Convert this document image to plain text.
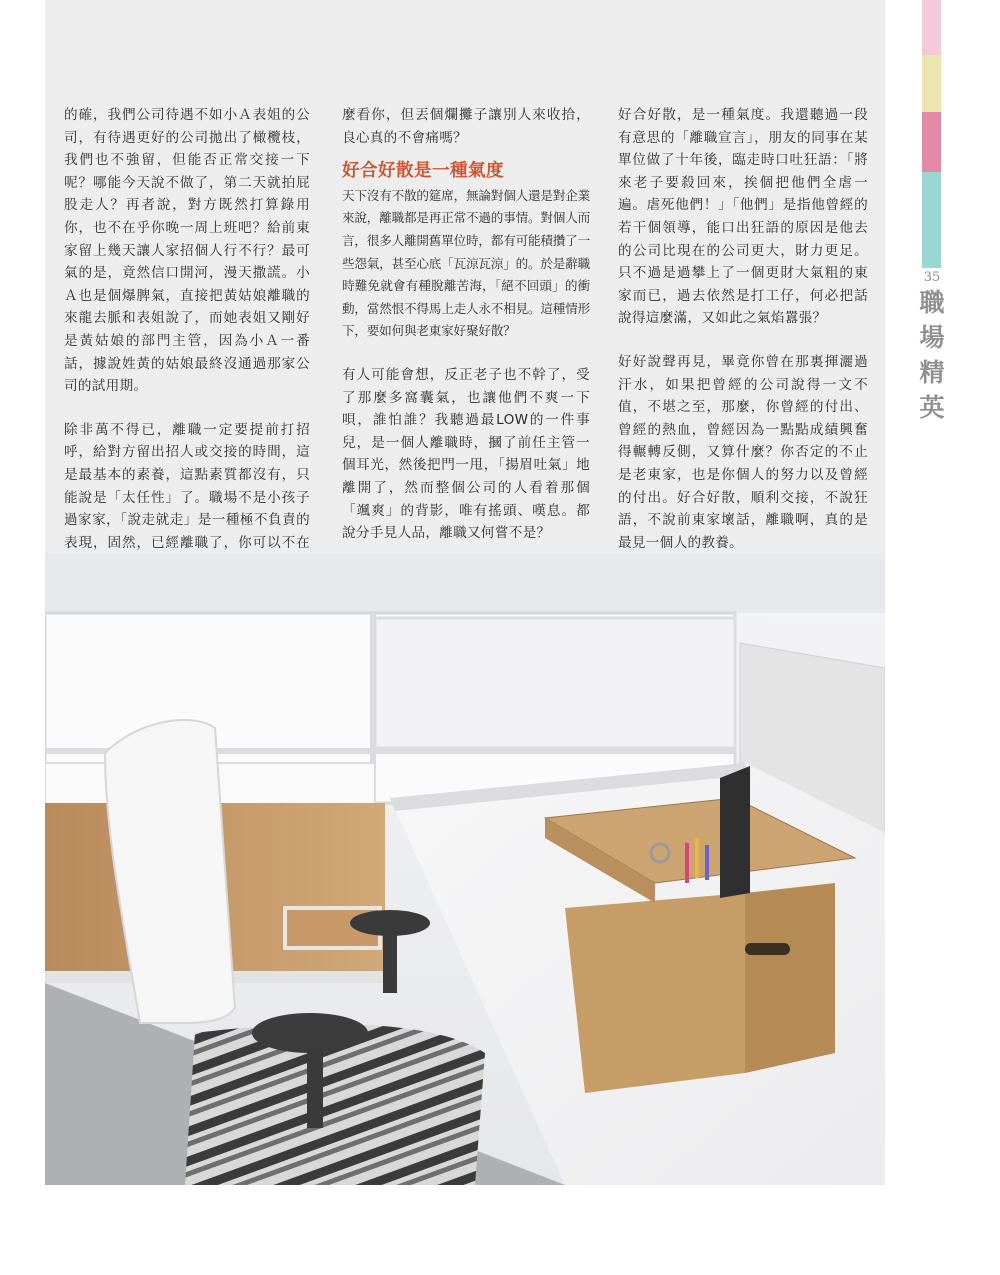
35
職
場
精
英

的確，我們公司待遇不如小Ａ表姐的公司，有待遇更好的公司拋出了橄欖枝，我們也不強留，但能否正常交接一下呢？哪能今天說不做了，第二天就拍屁股走人？再者說，對方既然打算錄用你，也不在乎你晚一周上班吧？給前東家留上幾天讓人家招個人行不行？最可氣的是，竟然信口開河，漫天撒謊。小Ａ也是個爆脾氣，直接把黃姑娘離職的來龍去脈和表姐說了，而她表姐又剛好是黃姑娘的部門主管，因為小Ａ一番話，據說姓黃的姑娘最終沒通過那家公司的試用期。

除非萬不得已，離職一定要提前打招呼，給對方留出招人或交接的時間，這是最基本的素養，這點素質都沒有，只能說是「太任性」了。職場不是小孩子過家家，「說走就走」是一種極不負責的表現，固然，已經離職了，你可以不在

麼看你，但丟個爛攤子讓別人來收拾，良心真的不會痛嗎？

好合好散是一種氣度

天下沒有不散的筵席，無論對個人還是對企業來說，離職都是再正常不過的事情。對個人而言，很多人離開舊單位時，都有可能積攢了一些怨氣，甚至心底「瓦涼瓦涼」的。於是辭職時難免就會有種脫離苦海，「絕不回頭」的衝動，當然恨不得馬上走人永不相見。這種情形下，要如何與老東家好聚好散？

有人可能會想，反正老子也不幹了，受了那麼多窩囊氣，也讓他們不爽一下唄，誰怕誰？我聽過最LOW的一件事兒，是一個人離職時，摑了前任主管一個耳光，然後把門一甩，「揚眉吐氣」地離開了，然而整個公司的人看着那個「颯爽」的背影，唯有搖頭、嘆息。都說分手見人品，離職又何嘗不是？

好合好散，是一種氣度。我還聽過一段有意思的「離職宣言」，朋友的同事在某單位做了十年後，臨走時口吐狂語：「將來老子要殺回來，挨個把他們全虐一遍。虐死他們！」「他們」是指他曾經的若干個領導，能口出狂語的原因是他去的公司比現在的公司更大，財力更足。只不過是過攀上了一個更財大氣粗的東家而已，過去依然是打工仔，何必把話說得這麼滿，又如此之氣焰囂張？

好好說聲再見，畢竟你曾在那裏揮灑過汗水，如果把曾經的公司說得一文不值，不堪之至，那麼，你曾經的付出、曾經的熱血，曾經因為一點點成績興奮得輾轉反側，又算什麼？你否定的不止是老東家，也是你個人的努力以及曾經的付出。好合好散，順利交接，不說狂語，不說前東家壞話，離職啊，真的是最見一個人的教養。
